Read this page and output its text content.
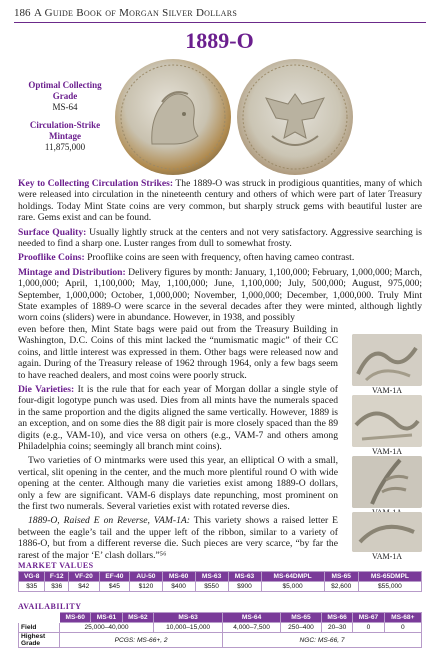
186 A Guide Book of Morgan Silver Dollars
1889-O
Optimal Collecting Grade
MS-64
Circulation-Strike Mintage
11,875,000

Key to Collecting Circulation Strikes: The 1889-O was struck in prodigious quantities, many of which were released into circulation in the nineteenth century and others of which were part of later Treasury holdings. Today Mint State coins are very common, but sharply struck gems with beautiful luster are rare. Gems exist and can be found.

Surface Quality: Usually lightly struck at the centers and not very satisfactory. Aggressive searching is needed to find a sharp one. Luster ranges from dull to somewhat frosty.

Prooflike Coins: Prooflike coins are seen with frequency, often having cameo contrast.

Mintage and Distribution: Delivery figures by month: January, 1,100,000; February, 1,000,000; March, 1,000,000; April, 1,100,000; May, 1,100,000; June, 1,100,000; July, 500,000; August, 975,000; September, 1,000,000; October, 1,000,000; November, 1,000,000; December, 1,000,000. Truly Mint State examples of 1889-O were scarce in the several decades after they were minted, although lightly worn coins (sliders) were in abundance. However, in 1938, and possibly

even before then, Mint State bags were paid out from the Treasury Building in Washington, D.C. Coins of this mint lacked the “numismatic magic” of their CC coins, and little interest was expressed in them. Other bags were released now and again. During of the Treasury release of 1962 through 1964, only a few bags seem to have reached dealers, and most coins were poorly struck.

Die Varieties: It is the rule that for each year of Morgan dollar a single style of four-digit logotype punch was used. Dies from all mints have the numerals spaced in the same proportion and the digits aligned the same vertically. However, 1889 is an exception, and on some dies the 88 digit pair is more closely spaced than the 89 digits (e.g., VAM-10), and vice versa on others (e.g., VAM-7 and others among Philadelphia coins; seemingly all branch mint coins).

Two varieties of O mintmarks were used this year, an elliptical O with a small, vertical, slit opening in the center, and the much more plentiful round O with wide opening at the center. Although many die varieties exist among 1889-O dollars, only a few are significant. VAM-6 displays date repunching, most prominent on the first two numerals. Several varieties exist with rotated reverse dies.

1889-O, Raised E on Reverse, VAM-1A: This variety shows a raised letter E between the eagle’s tail and the upper left of the ribbon, similar to a variety of 1886-O, but from a different reverse die. Such pieces are very scarce, “by far the rarest of the major ‘E’ clash dollars.”⁵⁶

VAM-1A
VAM-1A
VAM-1A
MARKET VALUES
VG-8	F-12	VF-20	EF-40	AU-50	MS-60	MS-63	MS-63	MS-64DMPL	MS-65	MS-65DMPL
$35	$36	$42	$45	$120	$400	$550	$900	$5,000	$2,600	$55,000
AVAILABILITY
	MS-60	MS-61	MS-62	MS-63	MS-64	MS-65	MS-66	MS-67	MS-68+
Field	25,000–40,000			10,000–15,000	4,000–7,500	250–400	20–30	0	0
Highest Grade	PCGS: MS-66+, 2				NGC: MS-66, 7				
